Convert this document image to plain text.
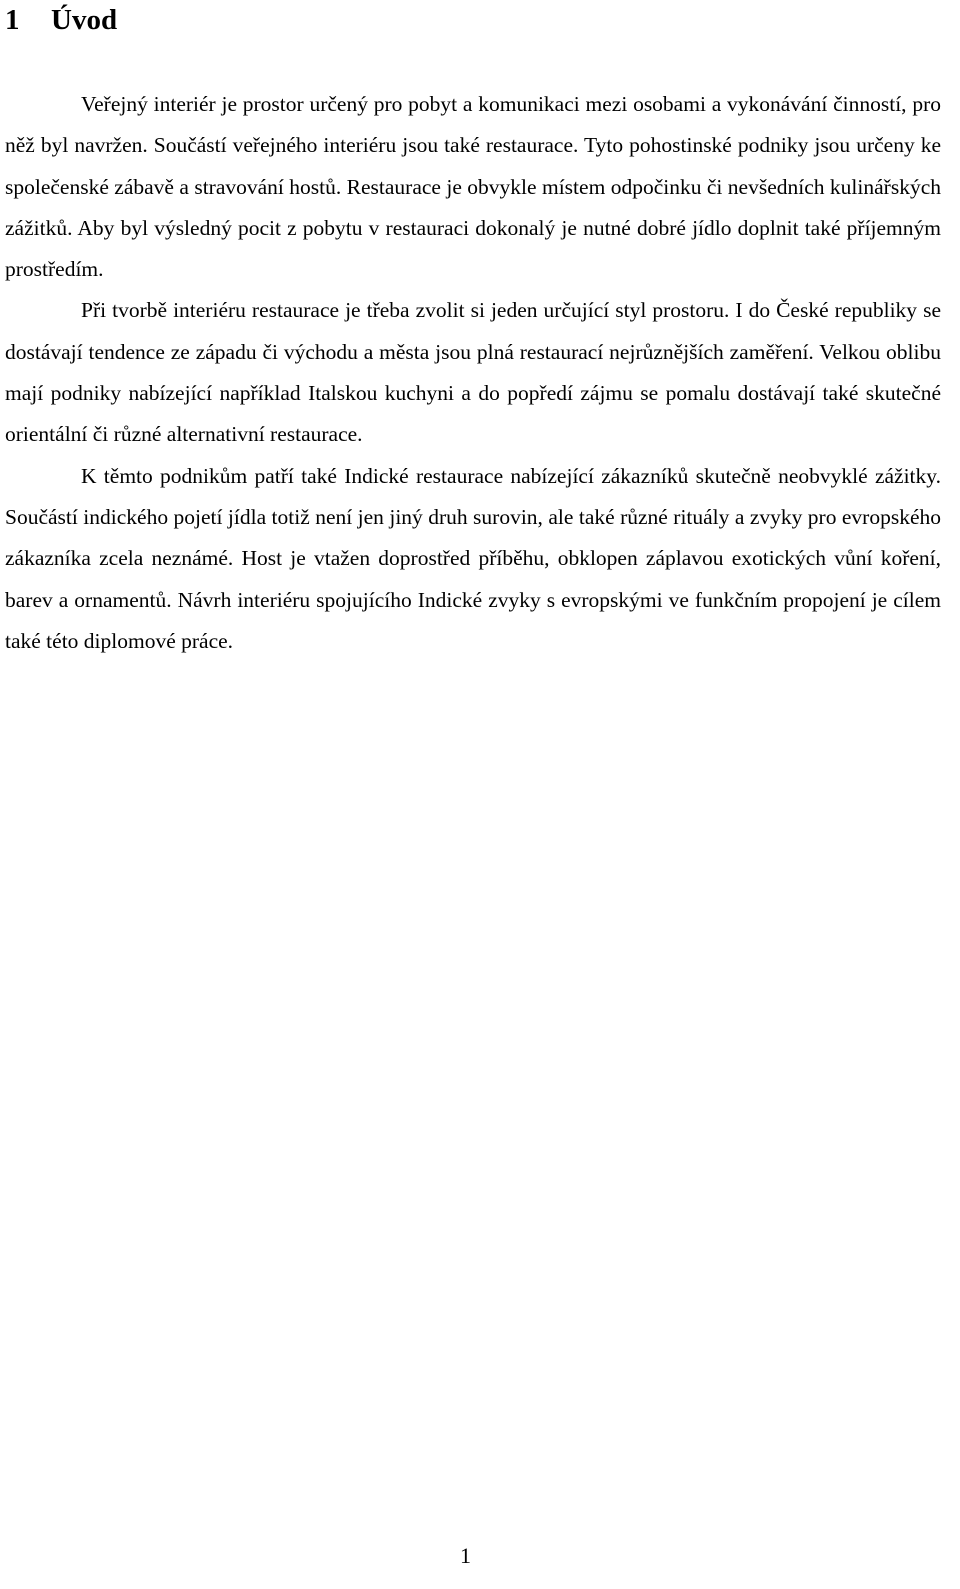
1 Úvod

Veřejný interiér je prostor určený pro pobyt a komunikaci mezi osobami a vykonávání činností, pro něž byl navržen. Součástí veřejného interiéru jsou také restaurace. Tyto pohostinské podniky jsou určeny ke společenské zábavě a stravování hostů. Restaurace je obvykle místem odpočinku či nevšedních kulinářských zážitků. Aby byl výsledný pocit z pobytu v restauraci dokonalý je nutné dobré jídlo doplnit také příjemným prostředím.

Při tvorbě interiéru restaurace je třeba zvolit si jeden určující styl prostoru. I do České republiky se dostávají tendence ze západu či východu a města jsou plná restaurací nejrůznějších zaměření. Velkou oblibu mají podniky nabízející například Italskou kuchyni a do popředí zájmu se pomalu dostávají také skutečné orientální či různé alternativní restaurace.

K těmto podnikům patří také Indické restaurace nabízející zákazníků skutečně neobvyklé zážitky. Součástí indického pojetí jídla totiž není jen jiný druh surovin, ale také různé rituály a zvyky pro evropského zákazníka zcela neznámé. Host je vtažen doprostřed příběhu, obklopen záplavou exotických vůní koření, barev a ornamentů. Návrh interiéru spojujícího Indické zvyky s evropskými ve funkčním propojení je cílem také této diplomové práce.

1
